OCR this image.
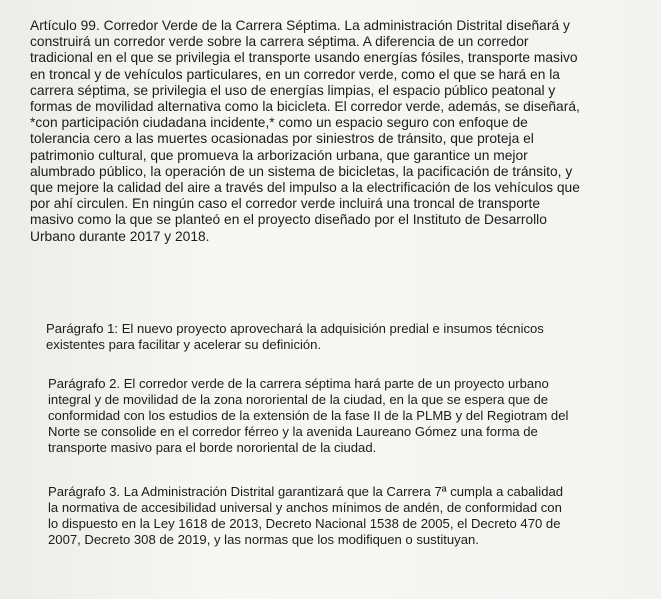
Artículo 99. Corredor Verde de la Carrera Séptima. La administración Distrital diseñará y
construirá un corredor verde sobre la carrera séptima. A diferencia de un corredor
tradicional en el que se privilegia el transporte usando energías fósiles, transporte masivo
en troncal y de vehículos particulares, en un corredor verde, como el que se hará en la
carrera séptima, se privilegia el uso de energías limpias, el espacio público peatonal y
formas de movilidad alternativa como la bicicleta. El corredor verde, además, se diseñará,
*con participación ciudadana incidente,* como un espacio seguro con enfoque de
tolerancia cero a las muertes ocasionadas por siniestros de tránsito, que proteja el
patrimonio cultural, que promueva la arborización urbana, que garantice un mejor
alumbrado público, la operación de un sistema de bicicletas, la pacificación de tránsito, y
que mejore la calidad del aire a través del impulso a la electrificación de los vehículos que
por ahí circulen. En ningún caso el corredor verde incluirá una troncal de transporte
masivo como la que se planteó en el proyecto diseñado por el Instituto de Desarrollo
Urbano durante 2017 y 2018.
Parágrafo 1: El nuevo proyecto aprovechará la adquisición predial e insumos técnicos
existentes para facilitar y acelerar su definición.
Parágrafo 2. El corredor verde de la carrera séptima hará parte de un proyecto urbano
integral y de movilidad de la zona nororiental de la ciudad, en la que se espera que de
conformidad con los estudios de la extensión de la fase II de la PLMB y del Regiotram del
Norte se consolide en el corredor férreo y la avenida Laureano Gómez una forma de
transporte masivo para el borde nororiental de la ciudad.
Parágrafo 3. La Administración Distrital garantizará que la Carrera 7ª cumpla a cabalidad
la normativa de accesibilidad universal y anchos mínimos de andén, de conformidad con
lo dispuesto en la Ley 1618 de 2013, Decreto Nacional 1538 de 2005, el Decreto 470 de
2007, Decreto 308 de 2019, y las normas que los modifiquen o sustituyan.
